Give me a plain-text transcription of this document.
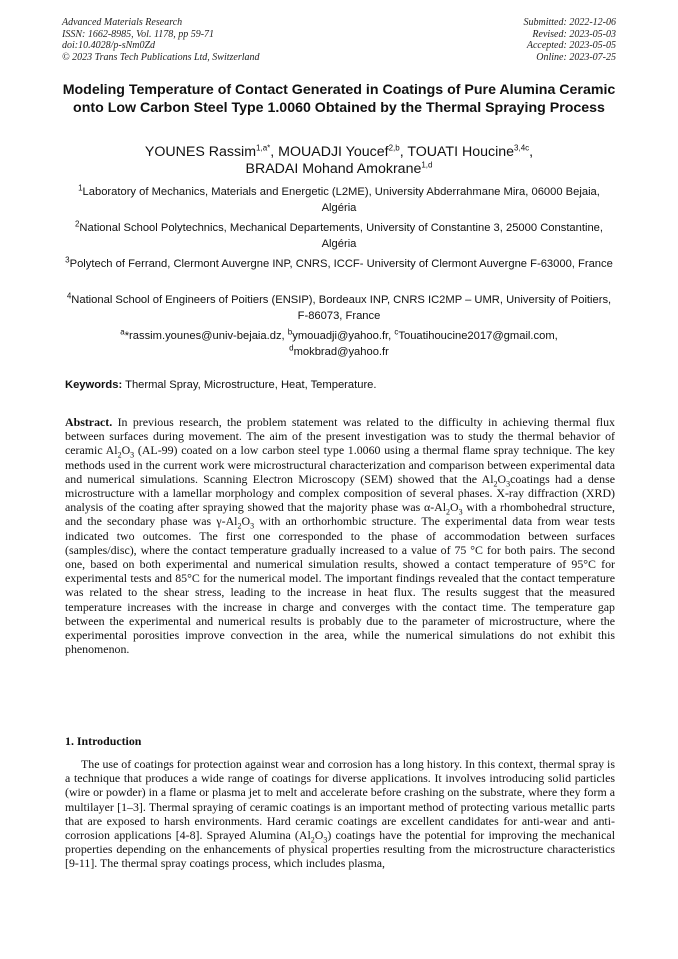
Advanced Materials Research
ISSN: 1662-8985, Vol. 1178, pp 59-71
doi:10.4028/p-sNm0Zd
© 2023 Trans Tech Publications Ltd, Switzerland
Submitted: 2022-12-06
Revised: 2023-05-03
Accepted: 2023-05-05
Online: 2023-07-25
Modeling Temperature of Contact Generated in Coatings of Pure Alumina Ceramic onto Low Carbon Steel Type 1.0060 Obtained by the Thermal Spraying Process
YOUNES Rassim$^{1,a*}$, MOUADJI Youcef$^{2,b}$, TOUATI Houcine$^{3,4c}$,
BRADAI Mohand Amokrane$^{1,d}$
$^1$Laboratory of Mechanics, Materials and Energetic (L2ME), University Abderrahmane Mira, 06000 Bejaia, Algéria
$^2$National School Polytechnics, Mechanical Departements, University of Constantine 3, 25000 Constantine, Algéria
$^3$Polytech of Ferrand, Clermont Auvergne INP, CNRS, ICCF- University of Clermont Auvergne F-63000, France
$^4$National School of Engineers of Poitiers (ENSIP), Bordeaux INP, CNRS IC2MP – UMR, University of Poitiers, F-86073, France
$^a$*rassim.younes@univ-bejaia.dz, $^b$ymouadji@yahoo.fr, $^c$Touatihoucine2017@gmail.com,
$^d$mokbrad@yahoo.fr
Keywords: Thermal Spray, Microstructure, Heat, Temperature.
Abstract. In previous research, the problem statement was related to the difficulty in achieving thermal flux between surfaces during movement. The aim of the present investigation was to study the thermal behavior of ceramic $Al_2O_3$ (AL-99) coated on a low carbon steel type 1.0060 using a thermal flame spray technique. The key methods used in the current work were microstructural characterization and comparison between experimental data and numerical simulations. Scanning Electron Microscopy (SEM) showed that the $Al_2O_3coatings$ had a dense microstructure with a lamellar morphology and complex composition of several phases. X-ray diffraction (XRD) analysis of the coating after spraying showed that the majority phase was $\alpha-Al_2O_3$ with a rhombohedral structure, and the secondary phase was $\gamma-Al_2O_3$ with an orthorhombic structure. The experimental data from wear tests indicated two outcomes. The first one corresponded to the phase of accommodation between surfaces (samples/disc), where the contact temperature gradually increased to a value of 75 °C for both pairs. The second one, based on both experimental and numerical simulation results, showed a contact temperature of 95°C for experimental tests and 85°C for the numerical model. The important findings revealed that the contact temperature was related to the shear stress, leading to the increase in heat flux. The results suggest that the measured temperature increases with the increase in charge and converges with the contact time. The temperature gap between the experimental and numerical results is probably due to the parameter of microstructure, where the experimental porosities improve convection in the area, while the numerical simulations do not exhibit this phenomenon.
1. Introduction
The use of coatings for protection against wear and corrosion has a long history. In this context, thermal spray is a technique that produces a wide range of coatings for diverse applications. It involves introducing solid particles (wire or powder) in a flame or plasma jet to melt and accelerate before crashing on the substrate, where they form a multilayer [1–3]. Thermal spraying of ceramic coatings is an important method of protecting various metallic parts that are exposed to harsh environments. Hard ceramic coatings are excellent candidates for anti-wear and anti-corrosion applications [4-8]. Sprayed Alumina $(Al_2O_3)$ coatings have the potential for improving the mechanical properties depending on the enhancements of physical properties resulting from the microstructure characteristics [9-11]. The thermal spray coatings process, which includes plasma,
